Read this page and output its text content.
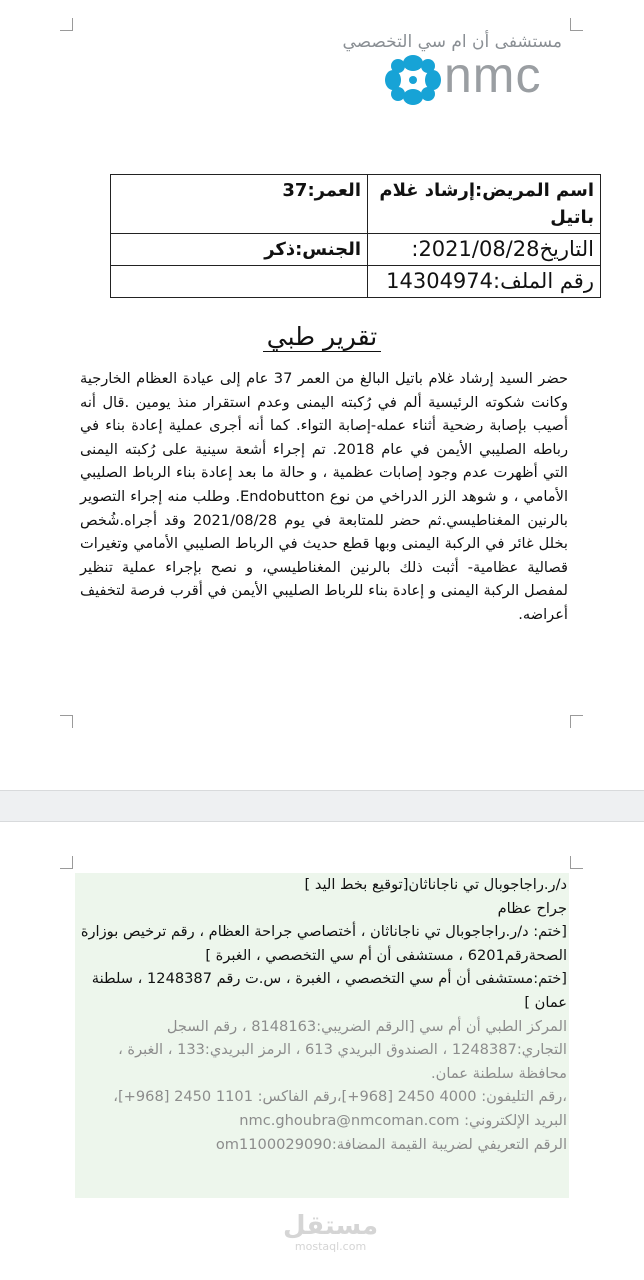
مستشفى أن ام سي التخصصي
nmc
اسم المريض:إرشاد غلام باتيل	العمر:37
التاريخ2021/08/28:	الجنس:ذكر
رقم الملف:14304974	
تقرير طبي
حضر السيد إرشاد غلام باتيل البالغ من العمر 37 عام إلى عيادة العظام الخارجية وكانت شكوته الرئيسية ألم في رُكبته اليمنى وعدم استقرار منذ يومين .قال أنه أصيب بإصابة رضحية أثناء عمله-إصابة التواء. كما أنه أجرى عملية إعادة بناء في رباطه الصليبي الأيمن في عام 2018. تم إجراء أشعة سينية على رُكبته اليمنى التي أظهرت عدم وجود إصابات عظمية ، و حالة ما بعد إعادة بناء الرباط الصليبي الأمامي ، و شوهد الزر الدراخي من نوع Endobutton. وطلب منه إجراء التصوير بالرنين المغناطيسي.ثم حضر للمتابعة في يوم 2021/08/28 وقد أجراه.شُخص بخلل غائر في الركبة اليمنى وبها قطع حديث في الرباط الصليبي الأمامي وتغيرات قصالية عظامية- أثبت ذلك بالرنين المغناطيسي، و نصح بإجراء عملية تنظير لمفصل الركبة اليمنى و إعادة بناء للرباط الصليبي الأيمن في أقرب فرصة لتخفيف أعراضه.

د/ر.راجاجوبال تي ناجاناثان[توقيع بخط اليد ]

جراح عظام

[ختم: د/ر.راجاجوبال تي ناجاناثان ، أختصاصي جراحة العظام ، رقم ترخيص بوزارة الصحةرقم6201 ، مستشفى أن أم سي التخصصي ، الغبرة ]

[ختم:مستشفى أن أم سي التخصصي ، الغبرة ، س.ت رقم 1248387 ، سلطنة عمان ]

المركز الطبي أن أم سي [الرقم الضريبي:8148163 ، رقم السجل التجاري:1248387 ، الصندوق البريدي 613 ، الرمز البريدي:133 ، الغبرة ، محافظة سلطنة عمان.

،رقم التليفون: 4000 2450 [968+]،رقم الفاكس: 1101 2450 [968+]،

البريد الإلكتروني: nmc.ghoubra@nmcoman.com

الرقم التعريفي لضريبة القيمة المضافة:om1100029090

مستقل
mostaql.com
